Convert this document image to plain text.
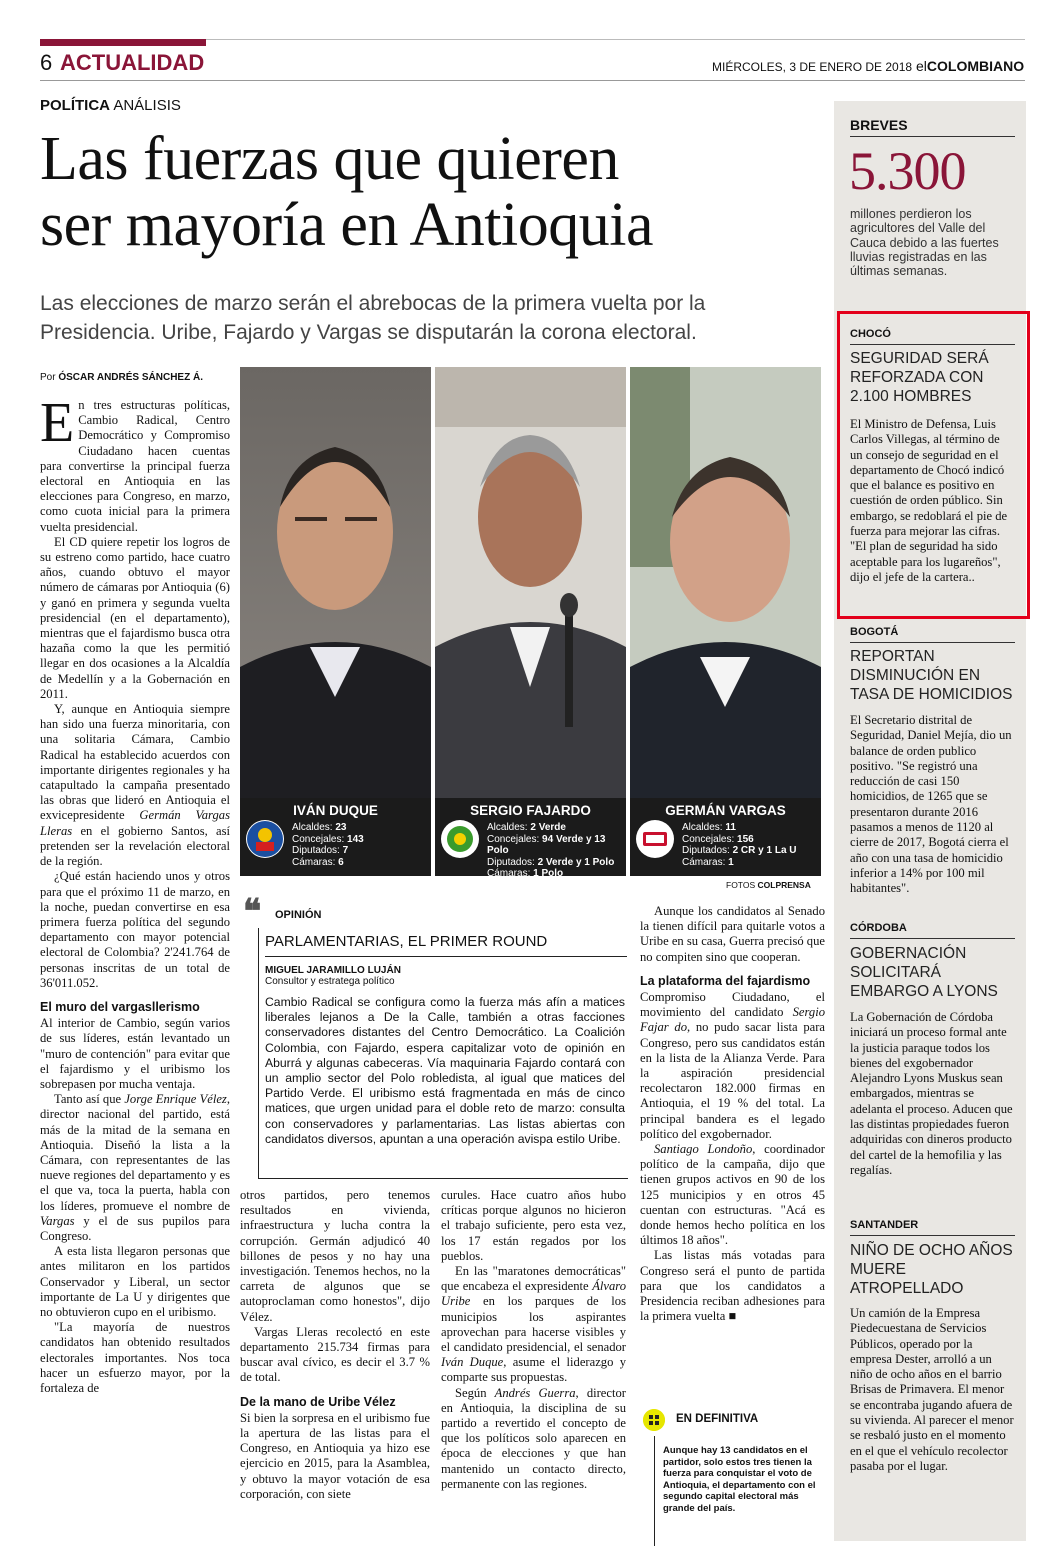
6 ACTUALIDAD	MIÉRCOLES, 3 DE ENERO DE 2018 elCOLOMBIANO
POLÍTICA ANÁLISIS
Las fuerzas que quieren
ser mayoría en Antioquia
Las elecciones de marzo serán el abrebocas de la primera vuelta por la Presidencia. Uribe, Fajardo y Vargas se disputarán la corona electoral.
Por ÓSCAR ANDRÉS SÁNCHEZ Á.

En tres estructuras políticas, Cambio Radical, Centro Democrático y Compromiso Ciudadano hacen cuentas para convertirse la principal fuerza electoral en Antioquia en las elecciones para Congreso, en marzo, como cuota inicial para la primera vuelta presidencial.

El CD quiere repetir los logros de su estreno como partido, hace cuatro años, cuando obtuvo el mayor número de cámaras por Antioquia (6) y ganó en primera y segunda vuelta presidencial (en el departamento), mientras que el fajardismo busca otra hazaña como la que les permitió llegar en dos ocasiones a la Alcaldía de Medellín y a la Gobernación en 2011.

Y, aunque en Antioquia siempre han sido una fuerza minoritaria, con una solitaria Cámara, Cambio Radical ha establecido acuerdos con importante dirigentes regionales y ha catapultado la campaña presentado las obras que lideró en Antioquia el exvicepresidente Germán Vargas Lleras en el gobierno Santos, así pretenden ser la revelación electoral de la región.

¿Qué están haciendo unos y otros para que el próximo 11 de marzo, en la noche, puedan convertirse en esa primera fuerza política del segundo departamento con mayor potencial electoral de Colombia? 2'241.764 de personas inscritas de un total de 36'011.052.

El muro del vargasllerismo

Al interior de Cambio, según varios de sus líderes, están levantado un "muro de contención" para evitar que el fajardismo y el uribismo los sobrepasen por mucha ventaja.

Tanto así que Jorge Enrique Vélez, director nacional del partido, está más de la mitad de la semana en Antioquia. Diseñó la lista a la Cámara, con representantes de las nueve regiones del departamento y es el que va, toca la puerta, habla con los líderes, promueve el nombre de Vargas y el de sus pupilos para Congreso.

A esta lista llegaron personas que antes militaron en los partidos Conservador y Liberal, un sector importante de La U y dirigentes que no obtuvieron cupo en el uribismo.

"La mayoría de nuestros candidatos han obtenido resultados electorales importantes. Nos toca hacer un esfuerzo mayor, por la fortaleza de

IVÁN DUQUE
Alcaldes: 23
Concejales: 143
Diputados: 7
Cámaras: 6
SERGIO FAJARDO
Alcaldes: 2 Verde
Concejales: 94 Verde y 13 Polo
Diputados: 2 Verde y 1 Polo
Cámaras: 1 Polo
GERMÁN VARGAS
Alcaldes: 11
Concejales: 156
Diputados: 2 CR y 1 La U
Cámaras: 1
FOTOS COLPRENSA
❝ OPINIÓN
PARLAMENTARIAS, EL PRIMER ROUND
MIGUEL JARAMILLO LUJÁN
Consultor y estratega político
Cambio Radical se configura como la fuerza más afín a matices liberales lejanos a De la Calle, también a otras facciones conservadores distantes del Centro Democrático. La Coalición Colombia, con Fajardo, espera capitalizar voto de opinión en Aburrá y algunas cabeceras. Vía maquinaria Fajardo contará con un amplio sector del Polo robledista, al igual que matices del Partido Verde. El uribismo está fragmentada en más de cinco matices, que urgen unidad para el doble reto de marzo: consulta con conservadores y parlamentarias. Las listas abiertas con candidatos diversos, apuntan a una operación avispa estilo Uribe.

otros partidos, pero tenemos resultados en vivienda, infraestructura y lucha contra la corrupción. Germán adjudicó 40 billones de pesos y no hay una investigación. Tenemos hechos, no la carreta de algunos que se autoproclaman como honestos", dijo Vélez.

Vargas Lleras recolectó en este departamento 215.734 firmas para buscar aval cívico, es decir el 3.7 % de total.

De la mano de Uribe Vélez

Si bien la sorpresa en el uribismo fue la apertura de las listas para el Congreso, en Antioquia ya hizo ese ejercicio en 2015, para la Asamblea, y obtuvo la mayor votación de esa corporación, con siete

curules. Hace cuatro años hubo críticas porque algunos no hicieron el trabajo suficiente, pero esta vez, los 17 están regados por los pueblos.

En las "maratones democráticas" que encabeza el expresidente Álvaro Uribe en los parques de los municipios los aspirantes aprovechan para hacerse visibles y el candidato presidencial, el senador Iván Duque, asume el liderazgo y comparte sus propuestas.

Según Andrés Guerra, director en Antioquia, la disciplina de su partido a revertido el concepto de que los políticos solo aparecen en época de elecciones y que han mantenido un contacto directo, permanente con las regiones.

Aunque los candidatos al Senado la tienen difícil para quitarle votos a Uribe en su casa, Guerra precisó que no compiten sino que cooperan.

La plataforma del fajardismo

Compromiso Ciudadano, el movimiento del candidato Sergio Fajar do, no pudo sacar lista para Congreso, pero sus candidatos están en la lista de la Alianza Verde. Para la aspiración presidencial recolectaron 182.000 firmas en Antioquia, el 19 % del total. La principal bandera es el legado político del exgobernador.

Santiago Londoño, coordinador político de la campaña, dijo que tienen grupos activos en 90 de los 125 municipios y en otros 45 cuentan con estructuras. "Acá es donde hemos hecho política en los últimos 18 años".

Las listas más votadas para Congreso será el punto de partida para que los candidatos a Presidencia reciban adhesiones para la primera vuelta ■

EN DEFINITIVA
Aunque hay 13 candidatos en el partidor, solo estos tres tienen la fuerza para conquistar el voto de Antioquia, el departamento con el segundo capital electoral más grande del país.
BREVES
5.300
millones perdieron los agricultores del Valle del Cauca debido a las fuertes lluvias registradas en las últimas semanas.
CHOCÓ
SEGURIDAD SERÁ REFORZADA CON 2.100 HOMBRES
El Ministro de Defensa, Luis Carlos Villegas, al término de un consejo de seguridad en el departamento de Chocó indicó que el balance es positivo en cuestión de orden público. Sin embargo, se redoblará el pie de fuerza para mejorar las cifras. "El plan de seguridad ha sido aceptable para los lugareños", dijo el jefe de la cartera..
BOGOTÁ
REPORTAN DISMINUCIÓN EN TASA DE HOMICIDIOS
El Secretario distrital de Seguridad, Daniel Mejía, dio un balance de orden publico positivo. "Se registró una reducción de casi 150 homicidios, de 1265 que se presentaron durante 2016 pasamos a menos de 1120 al cierre de 2017, Bogotá cierra el año con una tasa de homicidio inferior a 14% por 100 mil habitantes".
CÓRDOBA
GOBERNACIÓN SOLICITARÁ EMBARGO A LYONS
La Gobernación de Córdoba iniciará un proceso formal ante la justicia paraque todos los bienes del exgobernador Alejandro Lyons Muskus sean embargados, mientras se adelanta el proceso. Aducen que las distintas propiedades fueron adquiridas con dineros producto del cartel de la hemofilia y las regalías.
SANTANDER
NIÑO DE OCHO AÑOS MUERE ATROPELLADO
Un camión de la Empresa Piedecuestana de Servicios Públicos, operado por la empresa Dester, arrolló a un niño de ocho años en el barrio Brisas de Primavera. El menor se encontraba jugando afuera de su vivienda. Al parecer el menor se resbaló justo en el momento en el que el vehículo recolector pasaba por el lugar.
